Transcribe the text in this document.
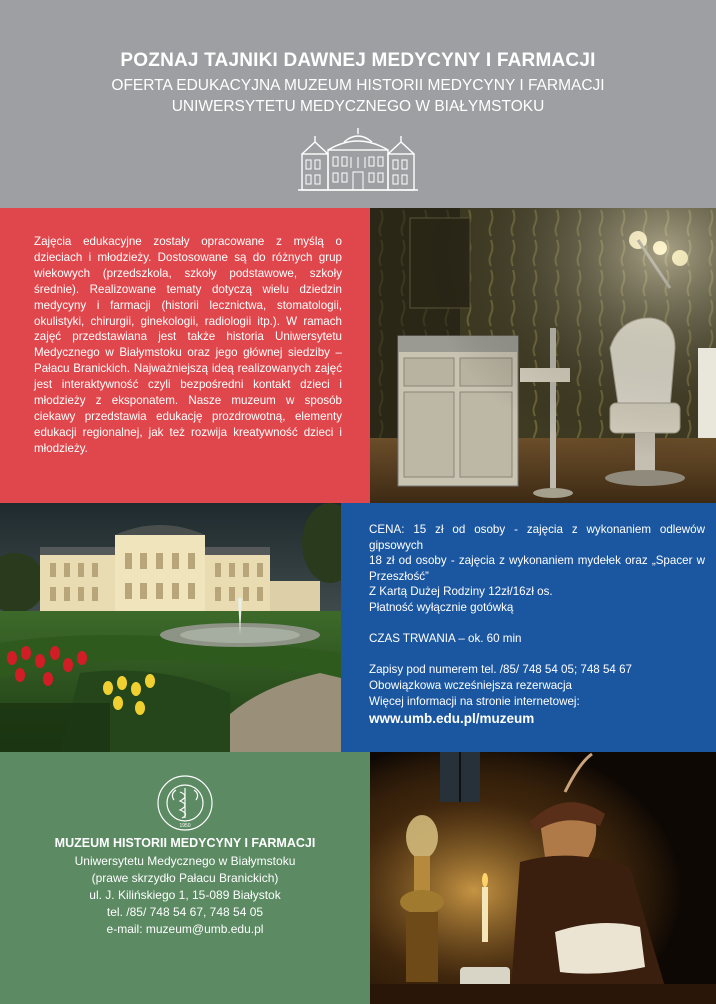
POZNAJ TAJNIKI DAWNEJ MEDYCYNY I FARMACJI
OFERTA EDUKACYJNA MUZEUM HISTORII MEDYCYNY I FARMACJI
UNIWERSYTETU MEDYCZNEGO W BIAŁYMSTOKU

Zajęcia edukacyjne zostały opracowane z myślą o dzieciach i młodzieży. Dostosowane są do różnych grup wiekowych (przedszkola, szkoły podstawowe, szkoły średnie). Realizowane tematy dotyczą wielu dziedzin medycyny i farmacji (historii lecznictwa, stomatologii, okulistyki, chirurgii, ginekologii, radiologii itp.). W ramach zajęć przedstawiana jest także historia Uniwersytetu Medycznego w Białymstoku oraz jego głównej siedziby – Pałacu Branickich. Najważniejszą ideą realizowanych zajęć jest interaktywność czyli bezpośredni kontakt dzieci i młodzieży z eksponatem. Nasze muzeum w sposób ciekawy przedstawia edukację prozdrowotną, elementy edukacji regionalnej, jak też rozwija kreatywność dzieci i młodzieży.

CENA: 15 zł od osoby - zajęcia z wykonaniem odlewów gipsowych
18 zł od osoby - zajęcia z wykonaniem mydełek oraz „Spacer w Przeszłość”
Z Kartą Dużej Rodziny 12zł/16zł os.
Płatność wyłącznie gotówką
CZAS TRWANIA – ok. 60 min
Zapisy pod numerem tel. /85/ 748 54 05; 748 54 67
Obowiązkowa wcześniejsza rezerwacja
Więcej informacji na stronie internetowej:
www.umb.edu.pl/muzeum
1950
MUZEUM HISTORII MEDYCYNY I FARMACJI
Uniwersytetu Medycznego w Białymstoku
(prawe skrzydło Pałacu Branickich)
ul. J. Kilińskiego 1, 15-089 Białystok
tel. /85/ 748 54 67, 748 54 05
e-mail: muzeum@umb.edu.pl
